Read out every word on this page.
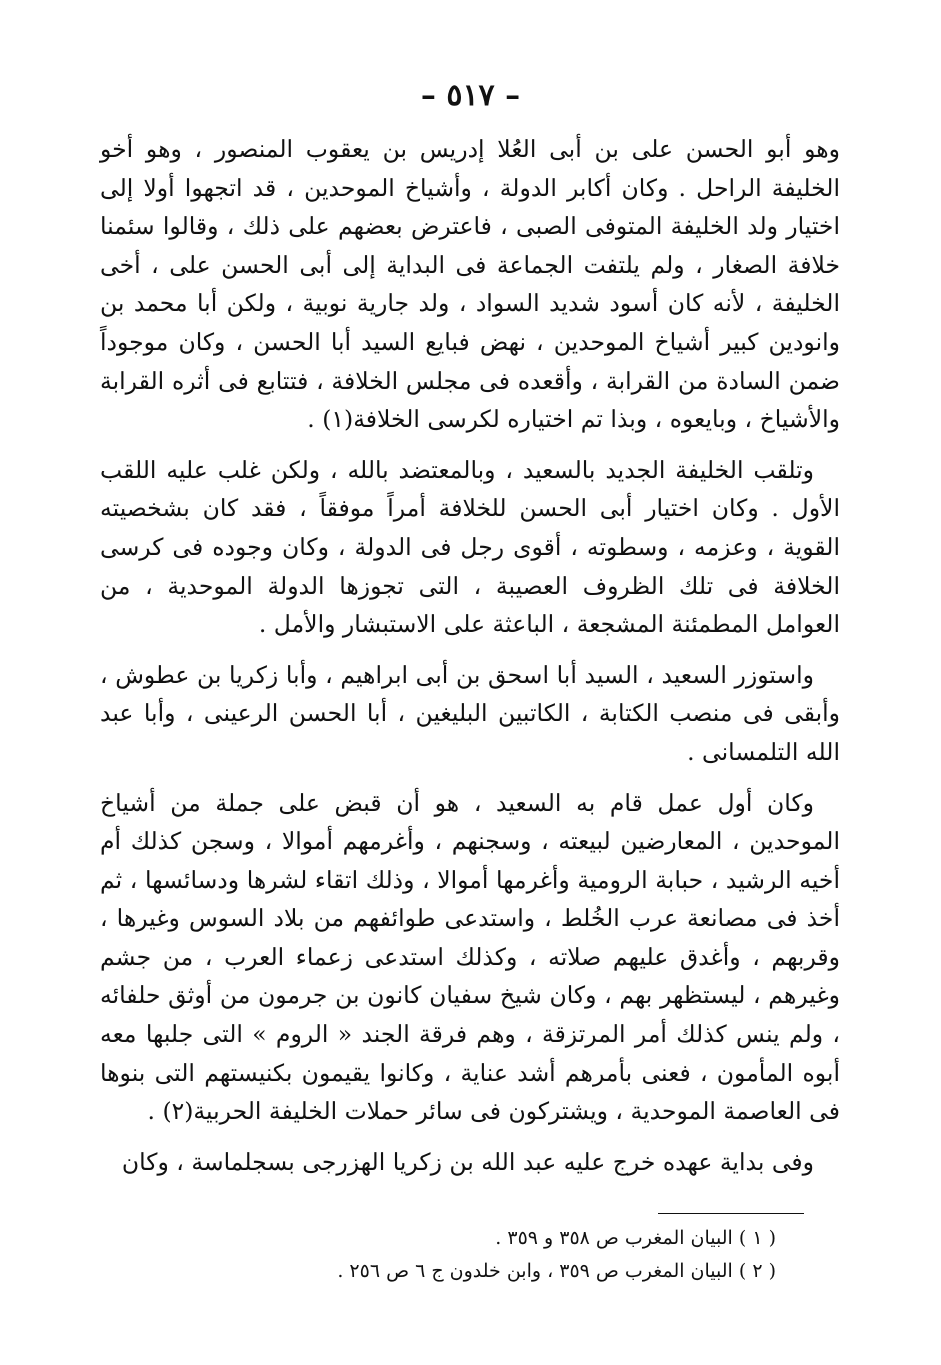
– ٥١٧ –

وهو أبو الحسن على بن أبى العُلا إدريس بن يعقوب المنصور ، وهو أخو الخليفة الراحل . وكان أكابر الدولة ، وأشياخ الموحدين ، قد اتجهوا أولا إلى اختيار ولد الخليفة المتوفى الصبى ، فاعترض بعضهم على ذلك ، وقالوا سئمنا خلافة الصغار ، ولم يلتفت الجماعة فى البداية إلى أبى الحسن على ، أخى الخليفة ، لأنه كان أسود شديد السواد ، ولد جارية نوبية ، ولكن أبا محمد بن وانودين كبير أشياخ الموحدين ، نهض فبايع السيد أبا الحسن ، وكان موجوداً ضمن السادة من القرابة ، وأقعده فى مجلس الخلافة ، فتتابع فى أثره القرابة والأشياخ ، وبايعوه ، وبذا تم اختياره لكرسى الخلافة(١) .

وتلقب الخليفة الجديد بالسعيد ، وبالمعتضد بالله ، ولكن غلب عليه اللقب الأول . وكان اختيار أبى الحسن للخلافة أمراً موفقاً ، فقد كان بشخصيته القوية ، وعزمه ، وسطوته ، أقوى رجل فى الدولة ، وكان وجوده فى كرسى الخلافة فى تلك الظروف العصيبة ، التى تجوزها الدولة الموحدية ، من العوامل المطمئنة المشجعة ، الباعثة على الاستبشار والأمل .

واستوزر السعيد ، السيد أبا اسحق بن أبى ابراهيم ، وأبا زكريا بن عطوش ، وأبقى فى منصب الكتابة ، الكاتبين البليغين ، أبا الحسن الرعينى ، وأبا عبد الله التلمسانى .

وكان أول عمل قام به السعيد ، هو أن قبض على جملة من أشياخ الموحدين ، المعارضين لبيعته ، وسجنهم ، وأغرمهم أموالا ، وسجن كذلك أم أخيه الرشيد ، حبابة الرومية وأغرمها أموالا ، وذلك اتقاء لشرها ودسائسها ، ثم أخذ فى مصانعة عرب الخُلط ، واستدعى طوائفهم من بلاد السوس وغيرها ، وقربهم ، وأغدق عليهم صلاته ، وكذلك استدعى زعماء العرب ، من جشم وغيرهم ، ليستظهر بهم ، وكان شيخ سفيان كانون بن جرمون من أوثق حلفائه ، ولم ينس كذلك أمر المرتزقة ، وهم فرقة الجند « الروم » التى جلبها معه أبوه المأمون ، فعنى بأمرهم أشد عناية ، وكانوا يقيمون بكنيستهم التى بنوها فى العاصمة الموحدية ، ويشتركون فى سائر حملات الخليفة الحربية(٢) .

وفى بداية عهده خرج عليه عبد الله بن زكريا الهزرجى بسجلماسة ، وكان

( ١ ) البيان المغرب ص ٣٥٨ و ٣٥٩ .

( ٢ ) البيان المغرب ص ٣٥٩ ، وابن خلدون ج ٦ ص ٢٥٦ .
